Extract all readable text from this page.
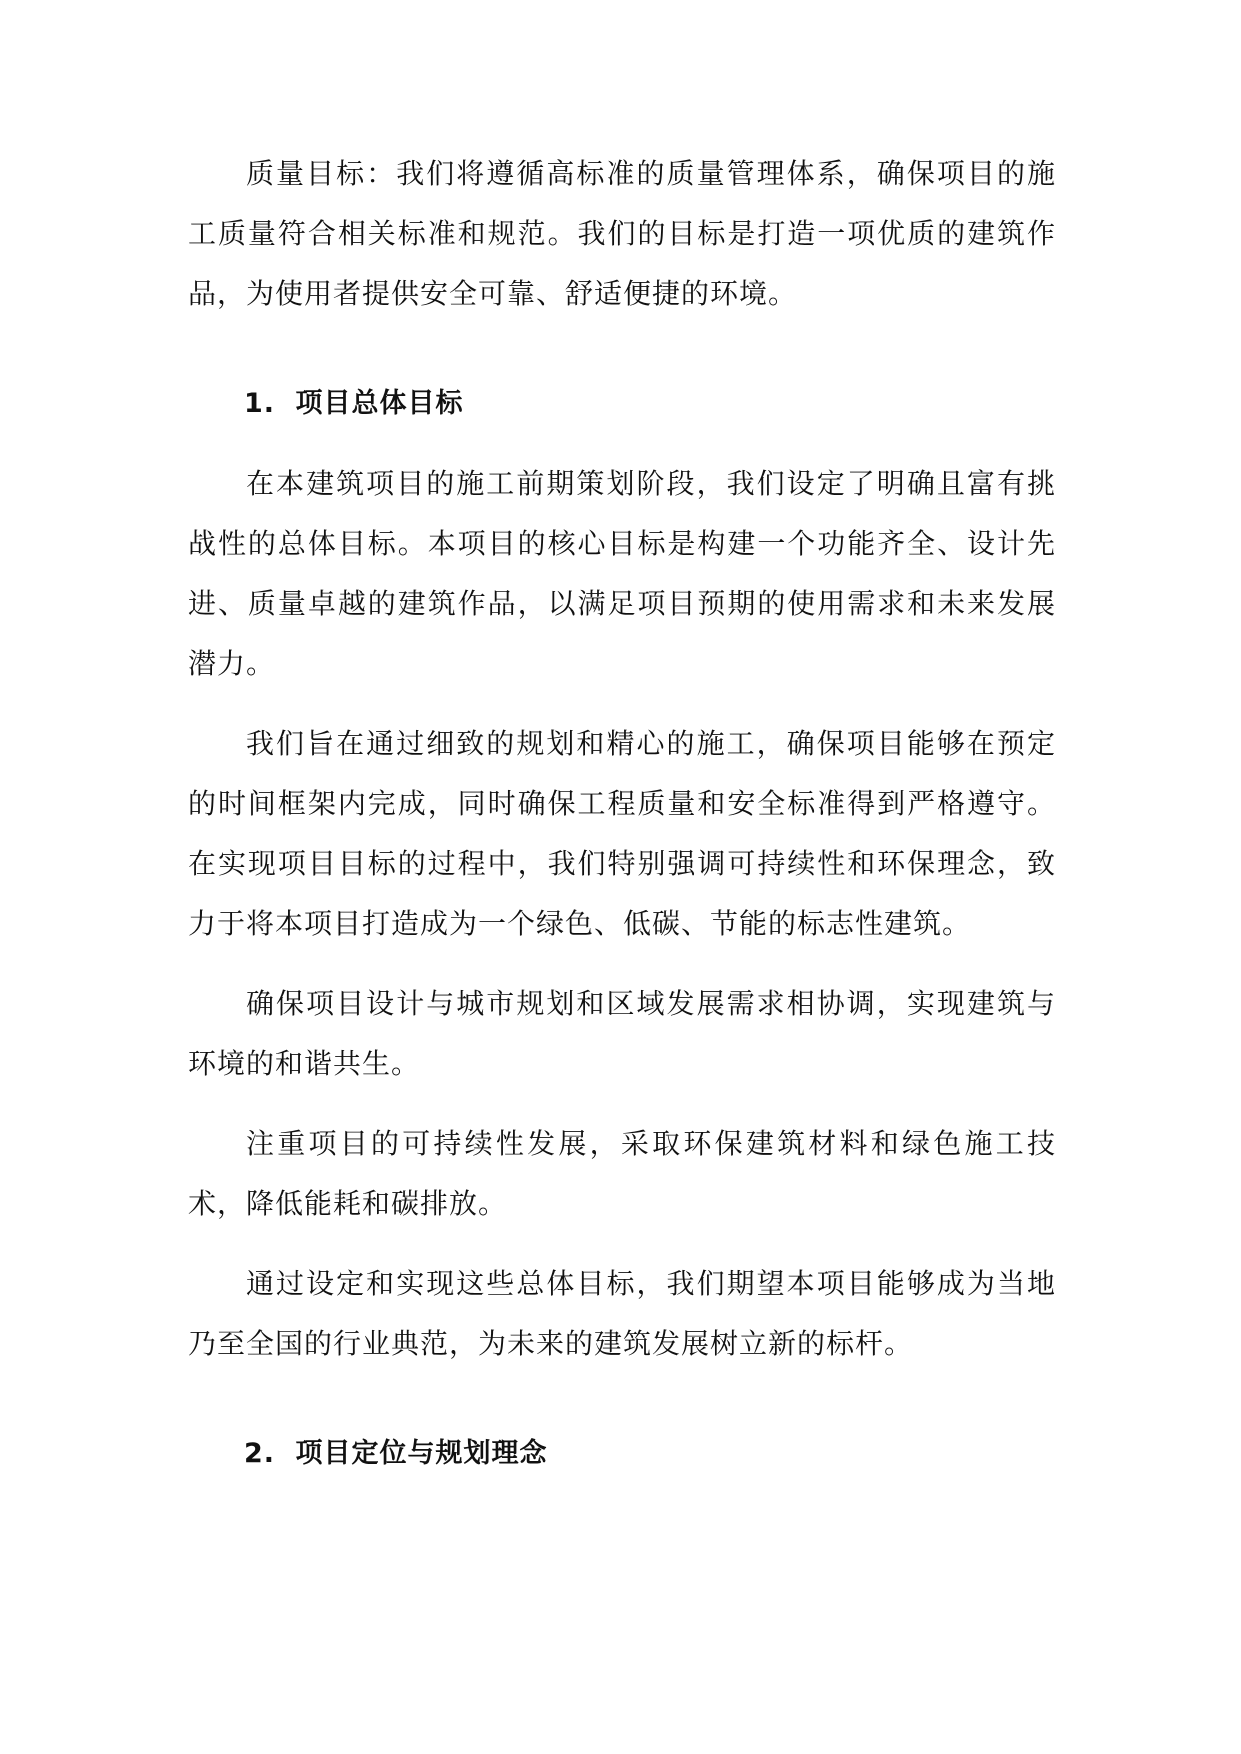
质量目标：我们将遵循高标准的质量管理体系，确保项目的施工质量符合相关标准和规范。我们的目标是打造一项优质的建筑作品，为使用者提供安全可靠、舒适便捷的环境。

1. 项目总体目标

在本建筑项目的施工前期策划阶段，我们设定了明确且富有挑战性的总体目标。本项目的核心目标是构建一个功能齐全、设计先进、质量卓越的建筑作品，以满足项目预期的使用需求和未来发展潜力。

我们旨在通过细致的规划和精心的施工，确保项目能够在预定的时间框架内完成，同时确保工程质量和安全标准得到严格遵守。在实现项目目标的过程中，我们特别强调可持续性和环保理念，致力于将本项目打造成为一个绿色、低碳、节能的标志性建筑。

确保项目设计与城市规划和区域发展需求相协调，实现建筑与环境的和谐共生。

注重项目的可持续性发展，采取环保建筑材料和绿色施工技术，降低能耗和碳排放。

通过设定和实现这些总体目标，我们期望本项目能够成为当地乃至全国的行业典范，为未来的建筑发展树立新的标杆。

2. 项目定位与规划理念
